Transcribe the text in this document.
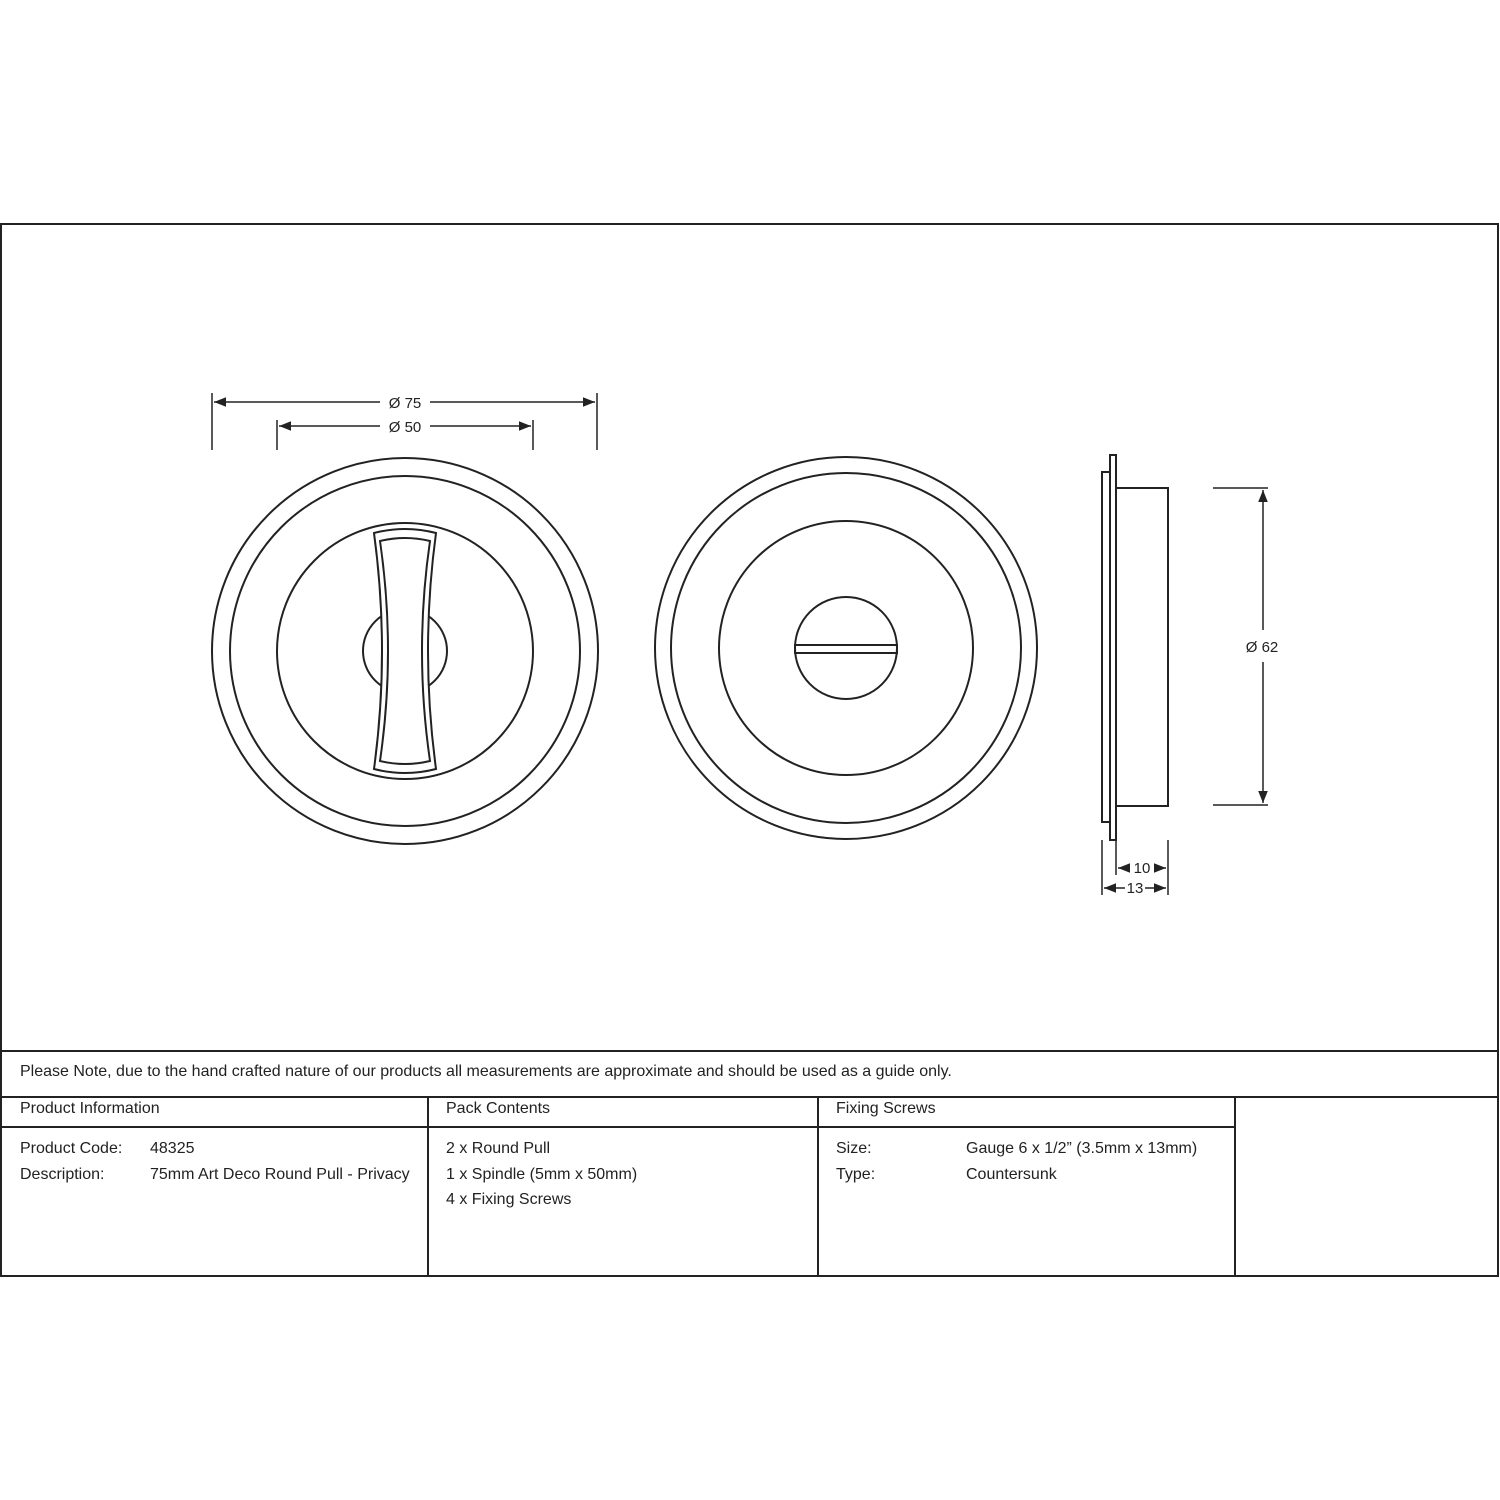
Ø 75
Ø 50
Ø 62
10
13
Please Note, due to the hand crafted nature of our products all measurements are approximate and should be used as a guide only.
Product Information	Pack Contents	Fixing Screws
Product Code: 48325
Description:	75mm Art Deco Round Pull - Privacy
2 x Round Pull
1 x Spindle (5mm x 50mm)
4 x Fixing Screws
Size:	Gauge 6 x 1/2” (3.5mm x 13mm)
Type:	Countersunk
